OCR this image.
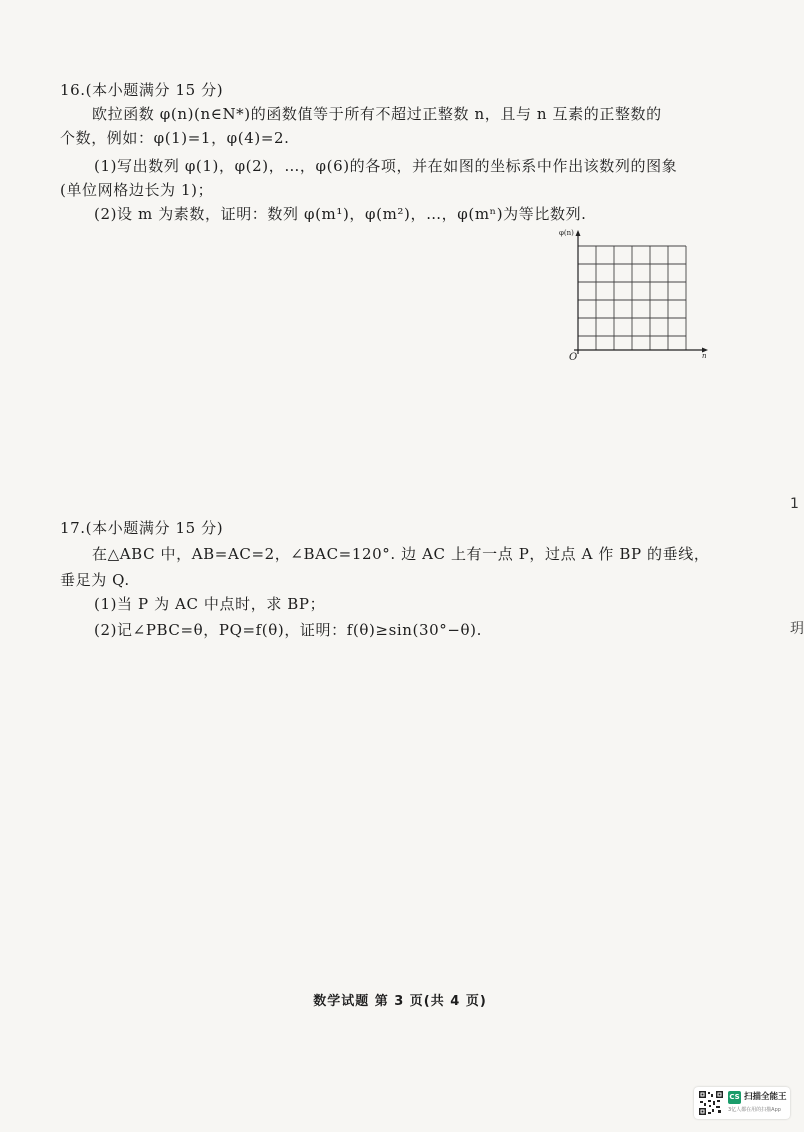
16.(本小题满分 15 分)
欧拉函数 φ(n)(n∈N*)的函数值等于所有不超过正整数 n，且与 n 互素的正整数的
个数，例如：φ(1)=1，φ(4)=2.
(1)写出数列 φ(1)，φ(2)，…，φ(6)的各项，并在如图的坐标系中作出该数列的图象
(单位网格边长为 1)；
(2)设 m 为素数，证明：数列 φ(m¹)，φ(m²)，…，φ(mⁿ)为等比数列.
φ(n)
n
O
17.(本小题满分 15 分)
在△ABC 中，AB=AC=2，∠BAC=120°. 边 AC 上有一点 P，过点 A 作 BP 的垂线，
垂足为 Q.
(1)当 P 为 AC 中点时，求 BP；
(2)记∠PBC=θ，PQ=f(θ)，证明：f(θ)≥sin(30°−θ).
1
玥
数学试题 第 3 页(共 4 页)
CS 扫描全能王
3亿人都在用的扫描App
